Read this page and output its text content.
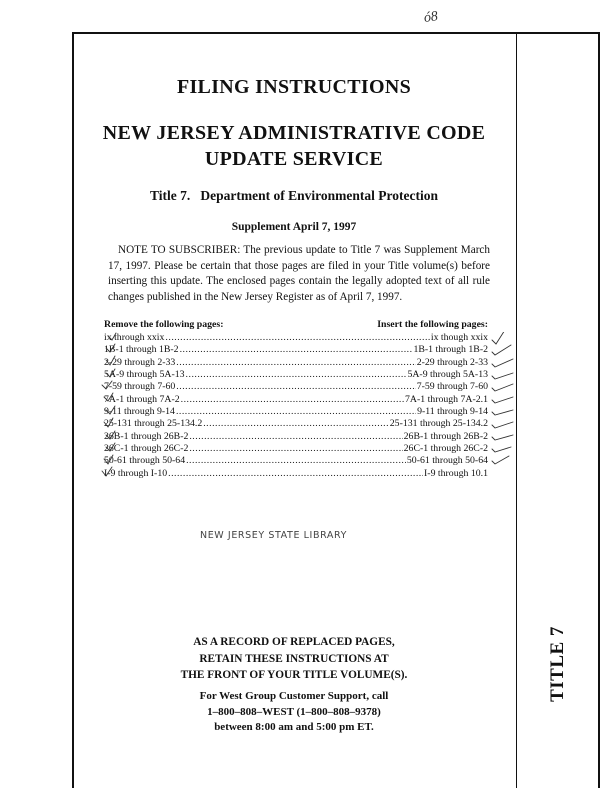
ó8
FILING INSTRUCTIONS
NEW JERSEY ADMINISTRATIVE CODE
UPDATE SERVICE
Title 7. Department of Environmental Protection
Supplement April 7, 1997
NOTE TO SUBSCRIBER: The previous update to Title 7 was Supplement March 17, 1997. Please be certain that those pages are filed in your Title volume(s) before inserting this update. The enclosed pages contain the legally adopted text of all rule changes published in the New Jersey Register as of April 7, 1997.
Remove the following pages:	Insert the following pages:
ix through xxix .....	ix though xxix
1B-1 through 1B-2 .....	1B-1 through 1B-2
2-29 through 2-33 .....	2-29 through 2-33
5A-9 through 5A-13 .....	5A-9 through 5A-13
7-59 through 7-60 .....	7-59 through 7-60
7A-1 through 7A-2 .....	7A-1 through 7A-2.1
9-11 through 9-14 .....	9-11 through 9-14
25-131 through 25-134.2 .....	25-131 through 25-134.2
26B-1 through 26B-2 .....	26B-1 through 26B-2
26C-1 through 26C-2 .....	26C-1 through 26C-2
50-61 through 50-64 .....	50-61 through 50-64
I-9 through I-10 .....	I-9 through 10.1
NEW JERSEY STATE LIBRARY
AS A RECORD OF REPLACED PAGES,
RETAIN THESE INSTRUCTIONS AT
THE FRONT OF YOUR TITLE VOLUME(S).
For West Group Customer Support, call
1–800–808–WEST (1–800–808–9378)
between 8:00 am and 5:00 pm ET.
TITLE 7
